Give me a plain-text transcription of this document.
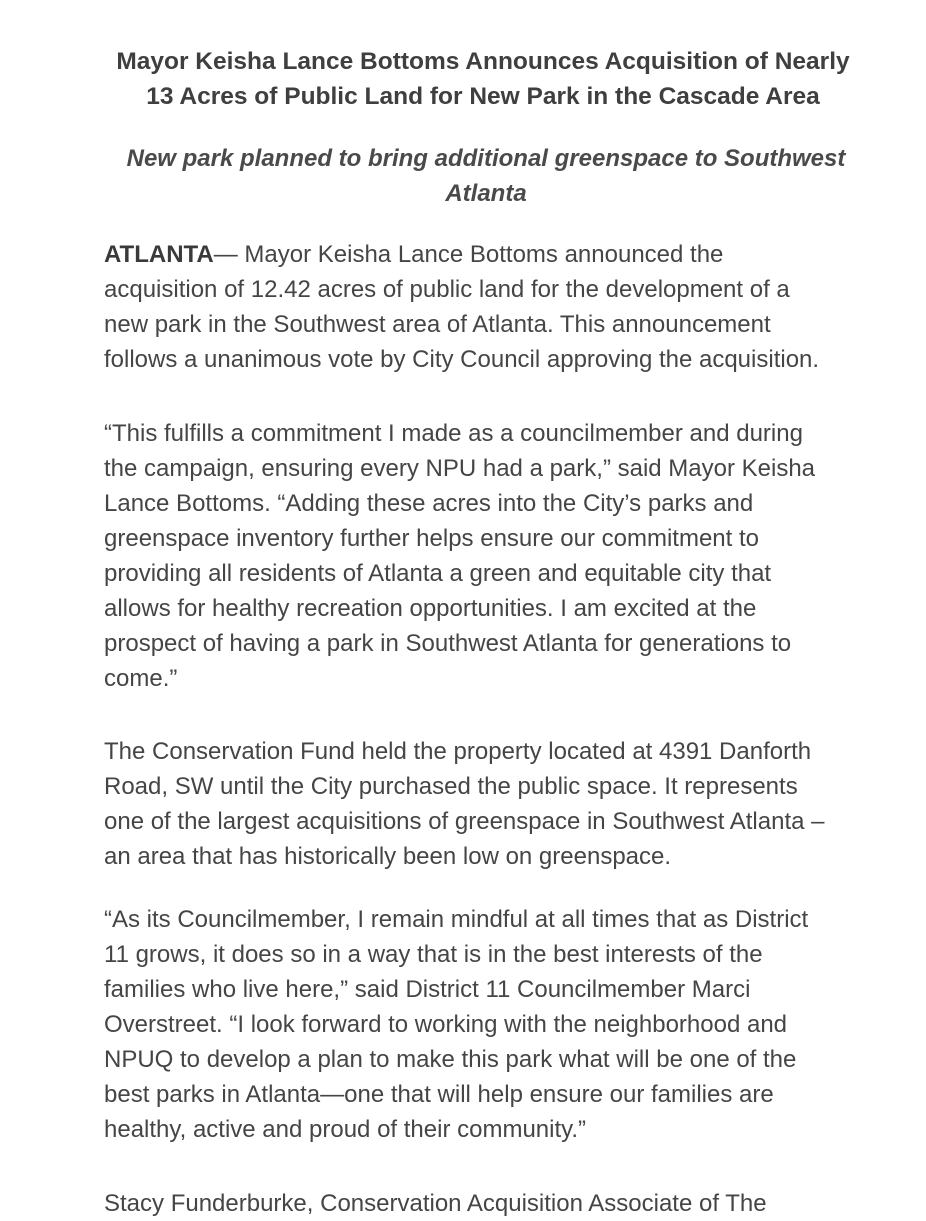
Mayor Keisha Lance Bottoms Announces Acquisition of Nearly
13 Acres of Public Land for New Park in the Cascade Area
New park planned to bring additional greenspace to Southwest
Atlanta

ATLANTA— Mayor Keisha Lance Bottoms announced the
acquisition of 12.42 acres of public land for the development of a
new park in the Southwest area of Atlanta. This announcement
follows a unanimous vote by City Council approving the acquisition.

“This fulfills a commitment I made as a councilmember and during
the campaign, ensuring every NPU had a park,” said Mayor Keisha
Lance Bottoms. “Adding these acres into the City’s parks and
greenspace inventory further helps ensure our commitment to
providing all residents of Atlanta a green and equitable city that
allows for healthy recreation opportunities. I am excited at the
prospect of having a park in Southwest Atlanta for generations to
come.”

The Conservation Fund held the property located at 4391 Danforth
Road, SW until the City purchased the public space. It represents
one of the largest acquisitions of greenspace in Southwest Atlanta –
an area that has historically been low on greenspace.

“As its Councilmember, I remain mindful at all times that as District
11 grows, it does so in a way that is in the best interests of the
families who live here,” said District 11 Councilmember Marci
Overstreet. “I look forward to working with the neighborhood and
NPUQ to develop a plan to make this park what will be one of the
best parks in Atlanta—one that will help ensure our families are
healthy, active and proud of their community.”

Stacy Funderburke, Conservation Acquisition Associate of The
